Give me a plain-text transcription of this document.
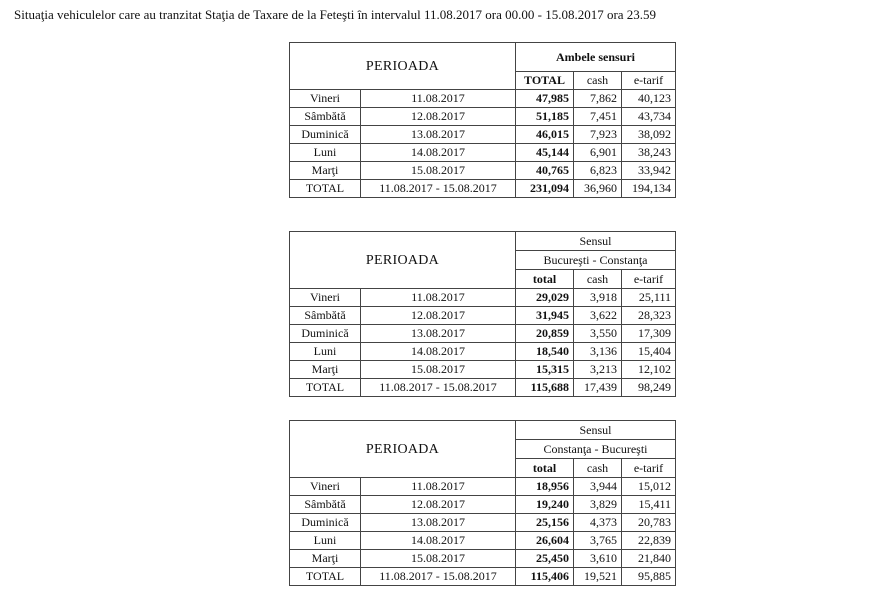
Situaţia vehiculelor care au tranzitat Staţia de Taxare de la Feteşti în intervalul 11.08.2017 ora 00.00 - 15.08.2017 ora 23.59
PERIOADA		Ambele sensuri		
		TOTAL	cash	e-tarif
Vineri	11.08.2017	47,985	7,862	40,123
Sâmbătă	12.08.2017	51,185	7,451	43,734
Duminică	13.08.2017	46,015	7,923	38,092
Luni	14.08.2017	45,144	6,901	38,243
Marţi	15.08.2017	40,765	6,823	33,942
TOTAL	11.08.2017 - 15.08.2017	231,094	36,960	194,134
PERIOADA		Sensul		
		Bucureşti - Constanţa		
		total	cash	e-tarif
Vineri	11.08.2017	29,029	3,918	25,111
Sâmbătă	12.08.2017	31,945	3,622	28,323
Duminică	13.08.2017	20,859	3,550	17,309
Luni	14.08.2017	18,540	3,136	15,404
Marţi	15.08.2017	15,315	3,213	12,102
TOTAL	11.08.2017 - 15.08.2017	115,688	17,439	98,249
PERIOADA		Sensul		
		Constanţa - Bucureşti		
		total	cash	e-tarif
Vineri	11.08.2017	18,956	3,944	15,012
Sâmbătă	12.08.2017	19,240	3,829	15,411
Duminică	13.08.2017	25,156	4,373	20,783
Luni	14.08.2017	26,604	3,765	22,839
Marţi	15.08.2017	25,450	3,610	21,840
TOTAL	11.08.2017 - 15.08.2017	115,406	19,521	95,885
